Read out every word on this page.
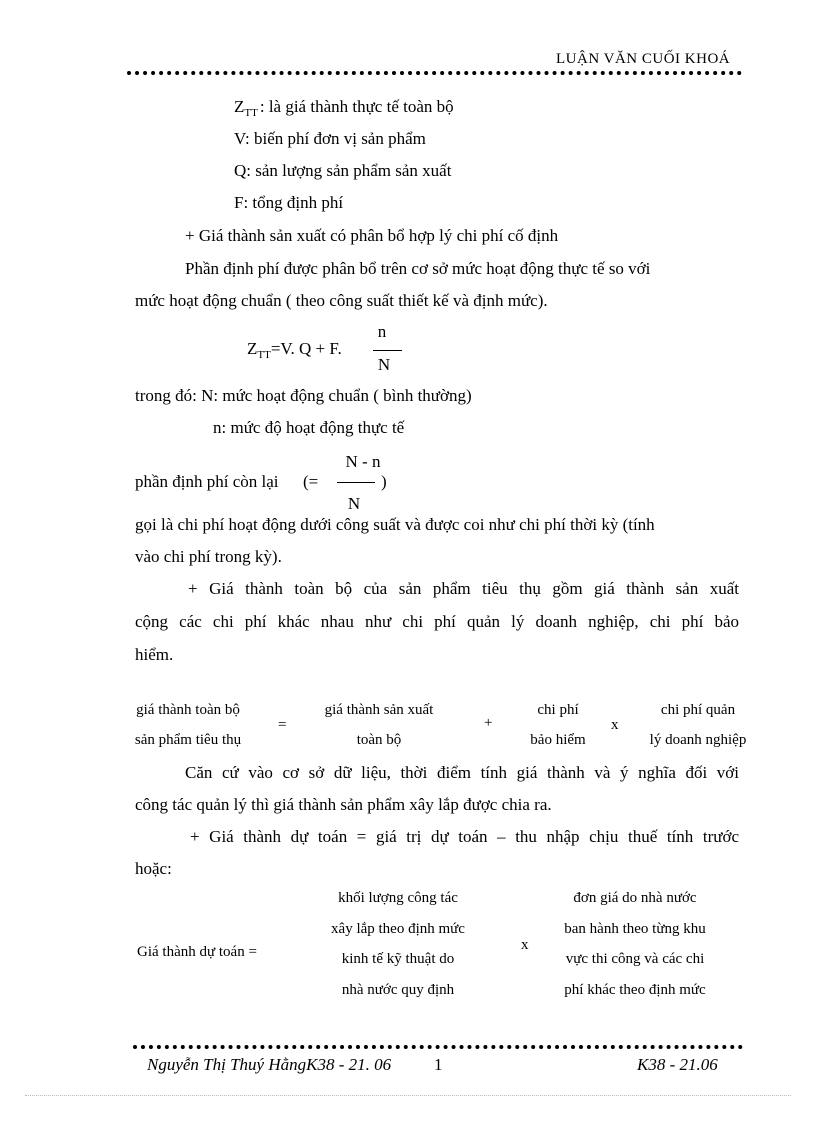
LUẬN VĂN CUỐI KHOÁ
$Z_{TT}$ : là giá thành thực tế toàn bộ
V: biến phí đơn vị sản phẩm
Q: sản lượng sản phẩm sản xuất
F: tổng định phí
+ Giá thành sản xuất có phân bổ hợp lý chi phí cố định
Phần định phí được phân bổ trên cơ sở mức hoạt động thực tế so với
mức hoạt động chuẩn ( theo công suất thiết kế và định mức).
$Z_{TT}=V$. Q + F.
n
N
trong đó: N: mức hoạt động chuẩn ( bình thường)
n: mức độ hoạt động thực tế
N - n
phần định phí còn lại (=	)
N
gọi là chi phí hoạt động dưới công suất và được coi như chi phí thời kỳ (tính
vào chi phí trong kỳ).
+ Giá thành toàn bộ của sản phẩm tiêu thụ gồm giá thành sản xuất
cộng các chi phí khác nhau như chi phí quản lý doanh nghiệp, chi phí bảo
hiểm.
giá thành toàn bộ
sản phẩm tiêu thụ
=
giá thành sản xuất
toàn bộ
+
chi phí
bảo hiểm
x
chi phí quản
lý doanh nghiệp
Căn cứ vào cơ sở dữ liệu, thời điểm tính giá thành và ý nghĩa đối với
công tác quản lý thì giá thành sản phẩm xây lắp được chia ra.
+ Giá thành dự toán = giá trị dự toán – thu nhập chịu thuế tính trước
hoặc:
Giá thành dự toán =
khối lượng công tác
xây lắp theo định mức
kinh tế kỹ thuật do
nhà nước quy định
x
đơn giá do nhà nước
ban hành theo từng khu
vực thi công và các chi
phí khác theo định mức
Nguyễn Thị Thuý HằngK38 - 21. 06	1	K38 - 21.06
